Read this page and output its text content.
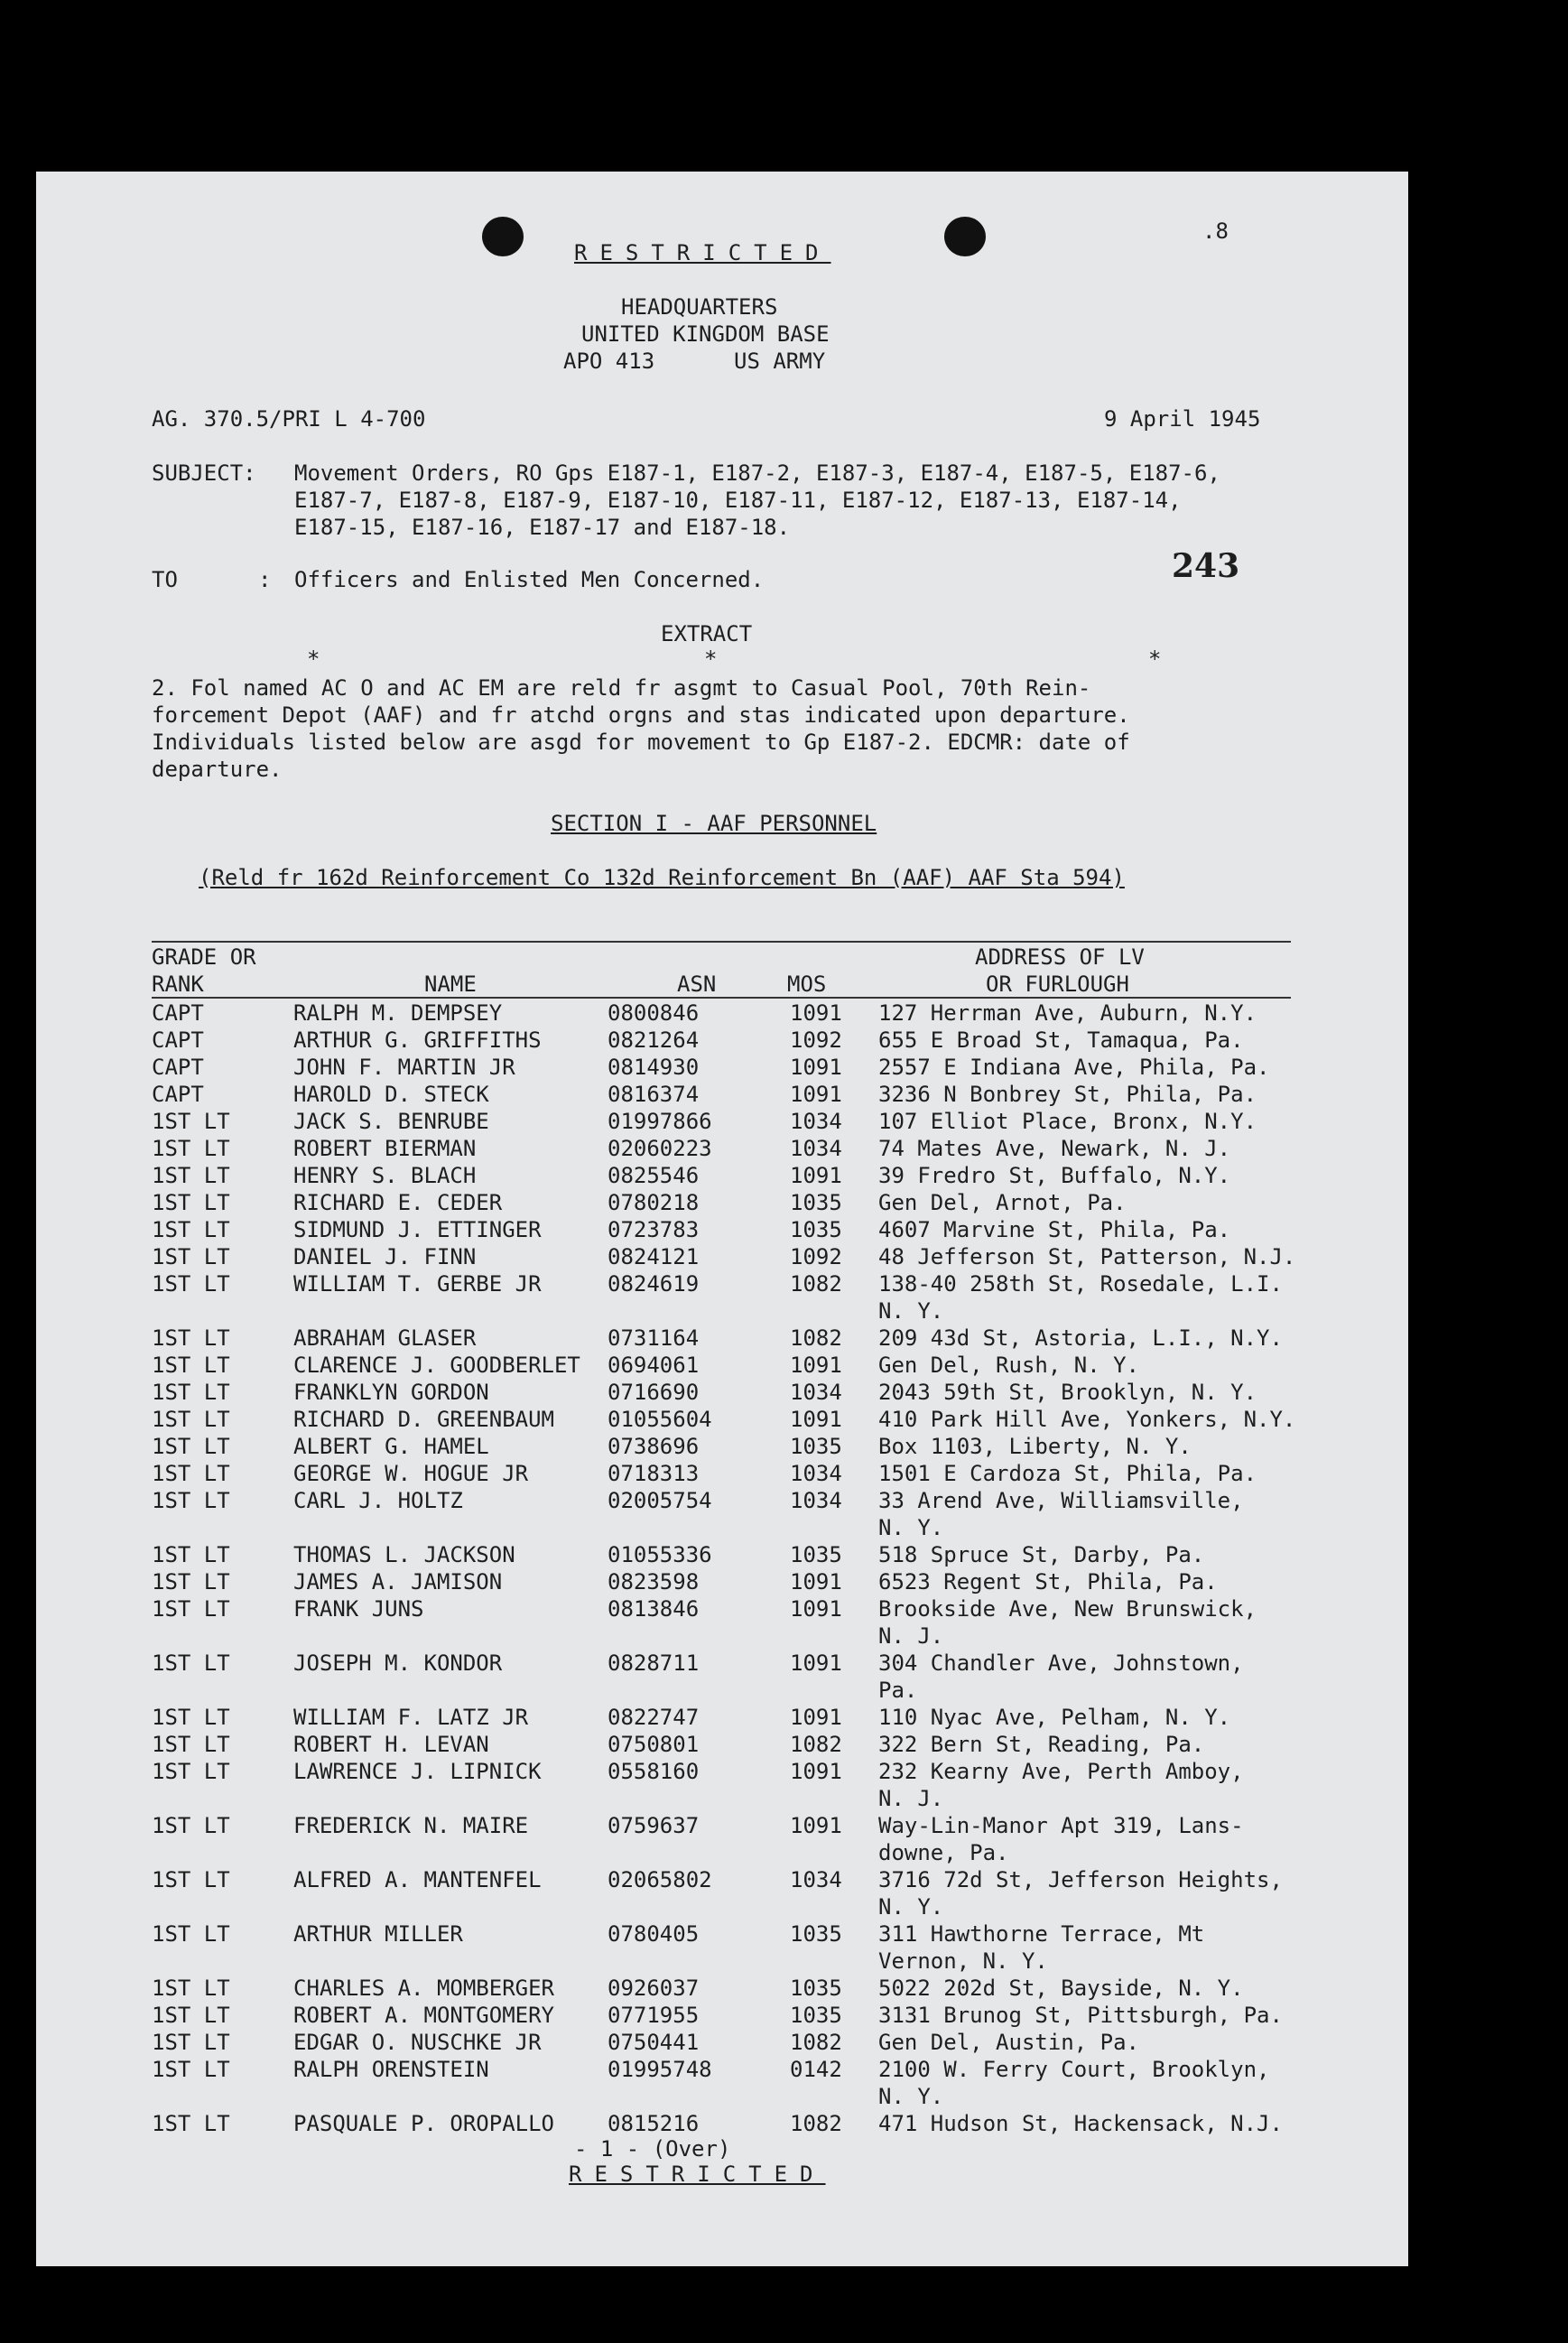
RESTRICTED
.8
HEADQUARTERS
UNITED KINGDOM BASE
APO 413	US ARMY
AG. 370.5/PRI L 4-700	9 April 1945
SUBJECT: Movement Orders, RO Gps E187-1, E187-2, E187-3, E187-4, E187-5, E187-6,
E187-7, E187-8, E187-9, E187-10, E187-11, E187-12, E187-13, E187-14,
E187-15, E187-16, E187-17 and E187-18.
TO	: Officers and Enlisted Men Concerned.	243
EXTRACT
*	*	*
2. Fol named AC O and AC EM are reld fr asgmt to Casual Pool, 70th Rein-
forcement Depot (AAF) and fr atchd orgns and stas indicated upon departure.
Individuals listed below are asgd for movement to Gp E187-2. EDCMR: date of
departure.
SECTION I - AAF PERSONNEL
(Reld fr 162d Reinforcement Co 132d Reinforcement Bn (AAF) AAF Sta 594)
GRADE OR
RANK	NAME	ASN	MOS
ADDRESS OF LV
OR FURLOUGH
CAPT	RALPH M. DEMPSEY	0800846	1091 127 Herrman Ave, Auburn, N.Y.
CAPT	ARTHUR G. GRIFFITHS	0821264	1092 655 E Broad St, Tamaqua, Pa.
CAPT	JOHN F. MARTIN JR	0814930	1091 2557 E Indiana Ave, Phila, Pa.
CAPT	HAROLD D. STECK	0816374	1091 3236 N Bonbrey St, Phila, Pa.
1ST LT	JACK S. BENRUBE	01997866	1034 107 Elliot Place, Bronx, N.Y.
1ST LT	ROBERT BIERMAN	02060223	1034 74 Mates Ave, Newark, N. J.
1ST LT	HENRY S. BLACH	0825546	1091 39 Fredro St, Buffalo, N.Y.
1ST LT	RICHARD E. CEDER	0780218	1035 Gen Del, Arnot, Pa.
1ST LT	SIDMUND J. ETTINGER	0723783	1035 4607 Marvine St, Phila, Pa.
1ST LT	DANIEL J. FINN	0824121	1092 48 Jefferson St, Patterson, N.J.
1ST LT	WILLIAM T. GERBE JR	0824619	1082 138-40 258th St, Rosedale, L.I.
N. Y.
1ST LT	ABRAHAM GLASER	0731164	1082 209 43d St, Astoria, L.I., N.Y.
1ST LT	CLARENCE J. GOODBERLET 0694061	1091 Gen Del, Rush, N. Y.
1ST LT	FRANKLYN GORDON	0716690	1034 2043 59th St, Brooklyn, N. Y.
1ST LT	RICHARD D. GREENBAUM 01055604	1091 410 Park Hill Ave, Yonkers, N.Y.
1ST LT	ALBERT G. HAMEL	0738696	1035 Box 1103, Liberty, N. Y.
1ST LT	GEORGE W. HOGUE JR	0718313	1034 1501 E Cardoza St, Phila, Pa.
1ST LT	CARL J. HOLTZ	02005754	1034 33 Arend Ave, Williamsville,
N. Y.
1ST LT	THOMAS L. JACKSON	01055336	1035 518 Spruce St, Darby, Pa.
1ST LT	JAMES A. JAMISON	0823598	1091 6523 Regent St, Phila, Pa.
1ST LT	FRANK JUNS	0813846	1091 Brookside Ave, New Brunswick,
N. J.
1ST LT	JOSEPH M. KONDOR	0828711	1091 304 Chandler Ave, Johnstown,
Pa.
1ST LT	WILLIAM F. LATZ JR	0822747	1091 110 Nyac Ave, Pelham, N. Y.
1ST LT	ROBERT H. LEVAN	0750801	1082 322 Bern St, Reading, Pa.
1ST LT	LAWRENCE J. LIPNICK	0558160	1091 232 Kearny Ave, Perth Amboy,
N. J.
1ST LT	FREDERICK N. MAIRE	0759637	1091 Way-Lin-Manor Apt 319, Lans-
downe, Pa.
1ST LT	ALFRED A. MANTENFEL	02065802	1034 3716 72d St, Jefferson Heights,
N. Y.
1ST LT	ARTHUR MILLER	0780405	1035 311 Hawthorne Terrace, Mt
Vernon, N. Y.
1ST LT	CHARLES A. MOMBERGER 0926037	1035 5022 202d St, Bayside, N. Y.
1ST LT	ROBERT A. MONTGOMERY 0771955	1035 3131 Brunog St, Pittsburgh, Pa.
1ST LT	EDGAR O. NUSCHKE JR	0750441	1082 Gen Del, Austin, Pa.
1ST LT	RALPH ORENSTEIN	01995748	0142 2100 W. Ferry Court, Brooklyn,
N. Y.
1ST LT	PASQUALE P. OROPALLO 0815216	1082 471 Hudson St, Hackensack, N.J.
- 1 - (Over)
RESTRICTED
